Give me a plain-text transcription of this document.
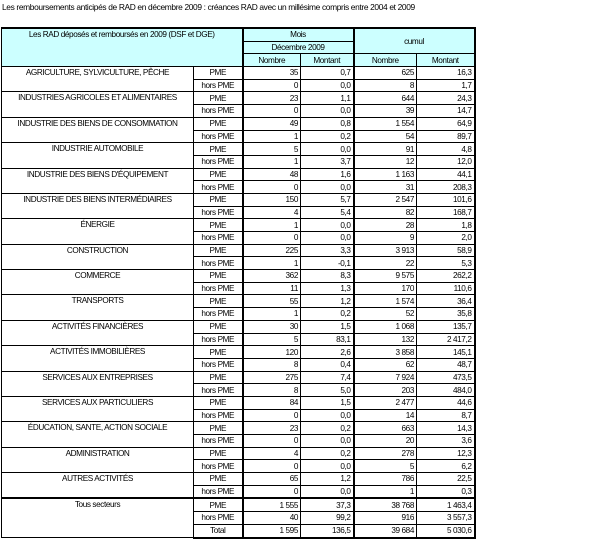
Les remboursements anticipés de RAD en décembre 2009 : créances RAD avec un millésime compris entre 2004 et 2009
Les RAD déposés et remboursés en 2009 (DSF et DGE)		Mois		cumul	
		Décembre 2009			
		Nombre	Montant	Nombre	Montant
AGRICULTURE, SYLVICULTURE, PÊCHE	PME	35	0,7	625	16,3
	hors PME	0	0,0	8	1,7
INDUSTRIES AGRICOLES ET ALIMENTAIRES	PME	23	1,1	644	24,3
	hors PME	0	0,0	39	14,7
INDUSTRIE DES BIENS DE CONSOMMATION	PME	49	0,8	1 554	64,9
	hors PME	1	0,2	54	89,7
INDUSTRIE AUTOMOBILE	PME	5	0,0	91	4,8
	hors PME	1	3,7	12	12,0
INDUSTRIE DES BIENS D'ÉQUIPEMENT	PME	48	1,6	1 163	44,1
	hors PME	0	0,0	31	208,3
INDUSTRIE DES BIENS INTERMÉDIAIRES	PME	150	5,7	2 547	101,6
	hors PME	4	5,4	82	168,7
ÉNERGIE	PME	1	0,0	28	1,8
	hors PME	0	0,0	9	2,0
CONSTRUCTION	PME	225	3,3	3 913	58,9
	hors PME	1	-0,1	22	5,3
COMMERCE	PME	362	8,3	9 575	262,2
	hors PME	11	1,3	170	110,6
TRANSPORTS	PME	55	1,2	1 574	36,4
	hors PME	1	0,2	52	35,8
ACTIVITÉS FINANCIÈRES	PME	30	1,5	1 068	135,7
	hors PME	5	83,1	132	2 417,2
ACTIVITÉS IMMOBILIÈRES	PME	120	2,6	3 858	145,1
	hors PME	8	0,4	62	48,7
SERVICES AUX ENTREPRISES	PME	275	7,4	7 924	473,5
	hors PME	8	5,0	203	484,0
SERVICES AUX PARTICULIERS	PME	84	1,5	2 477	44,6
	hors PME	0	0,0	14	8,7
ÉDUCATION, SANTE, ACTION SOCIALE	PME	23	0,2	663	14,3
	hors PME	0	0,0	20	3,6
ADMINISTRATION	PME	4	0,2	278	12,3
	hors PME	0	0,0	5	6,2
AUTRES ACTIVITÉS	PME	65	1,2	786	22,5
	hors PME	0	0,0	1	0,3
Tous secteurs	PME	1 555	37,3	38 768	1 463,4
	hors PME	40	99,2	916	3 557,3
	Total	1 595	136,5	39 684	5 030,6
